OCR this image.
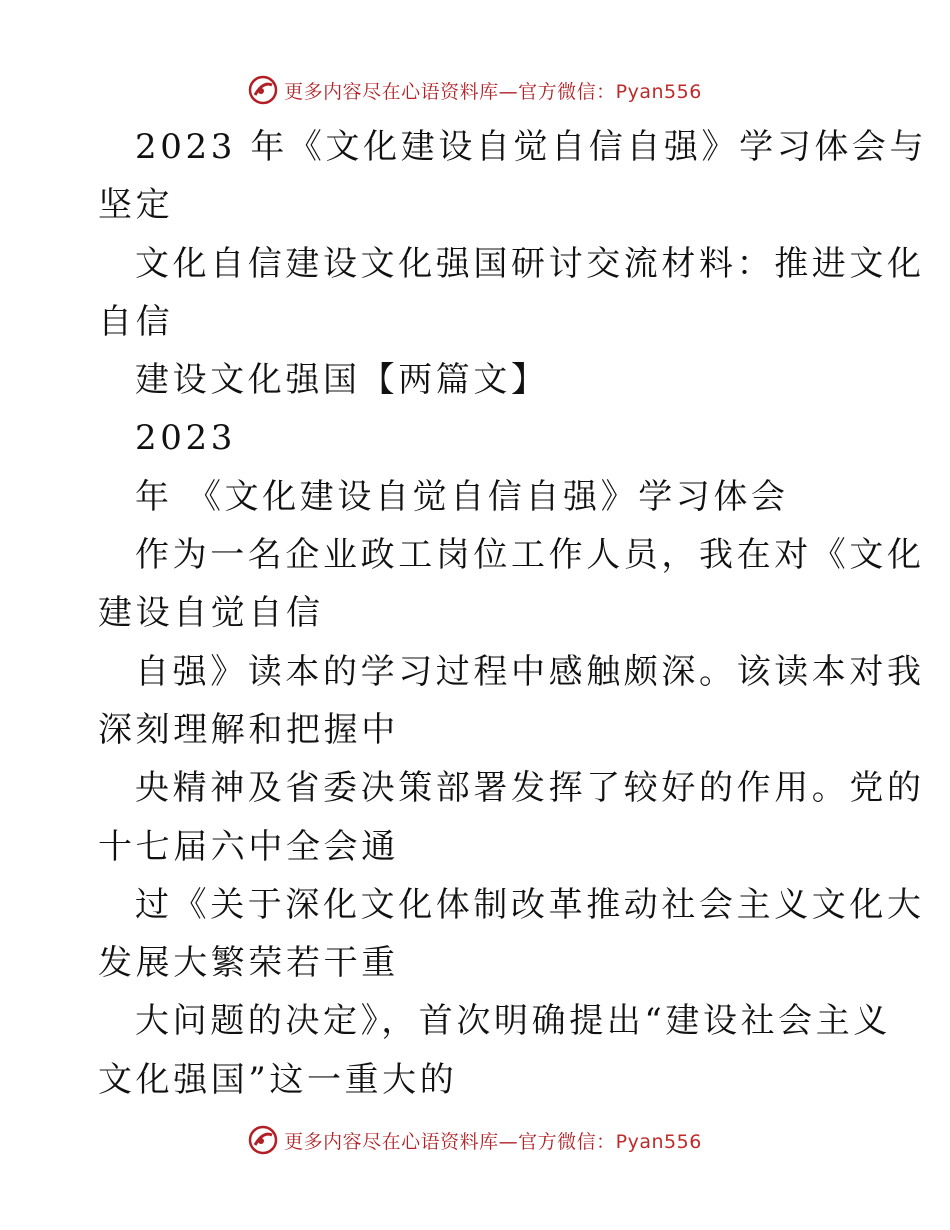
更多内容尽在心语资料库—官方微信：Pyan556
2023 年《文化建设自觉自信自强》学习体会与
坚定
文化自信建设文化强国研讨交流材料：推进文化
自信
建设文化强国【两篇文】
2023
年 《文化建设自觉自信自强》学习体会
作为一名企业政工岗位工作人员，我在对《文化
建设自觉自信
自强》读本的学习过程中感触颇深。该读本对我
深刻理解和把握中
央精神及省委决策部署发挥了较好的作用。党的
十七届六中全会通
过《关于深化文化体制改革推动社会主义文化大
发展大繁荣若干重
大问题的决定》，首次明确提出“建设社会主义
文化强国”这一重大的
更多内容尽在心语资料库—官方微信：Pyan556
